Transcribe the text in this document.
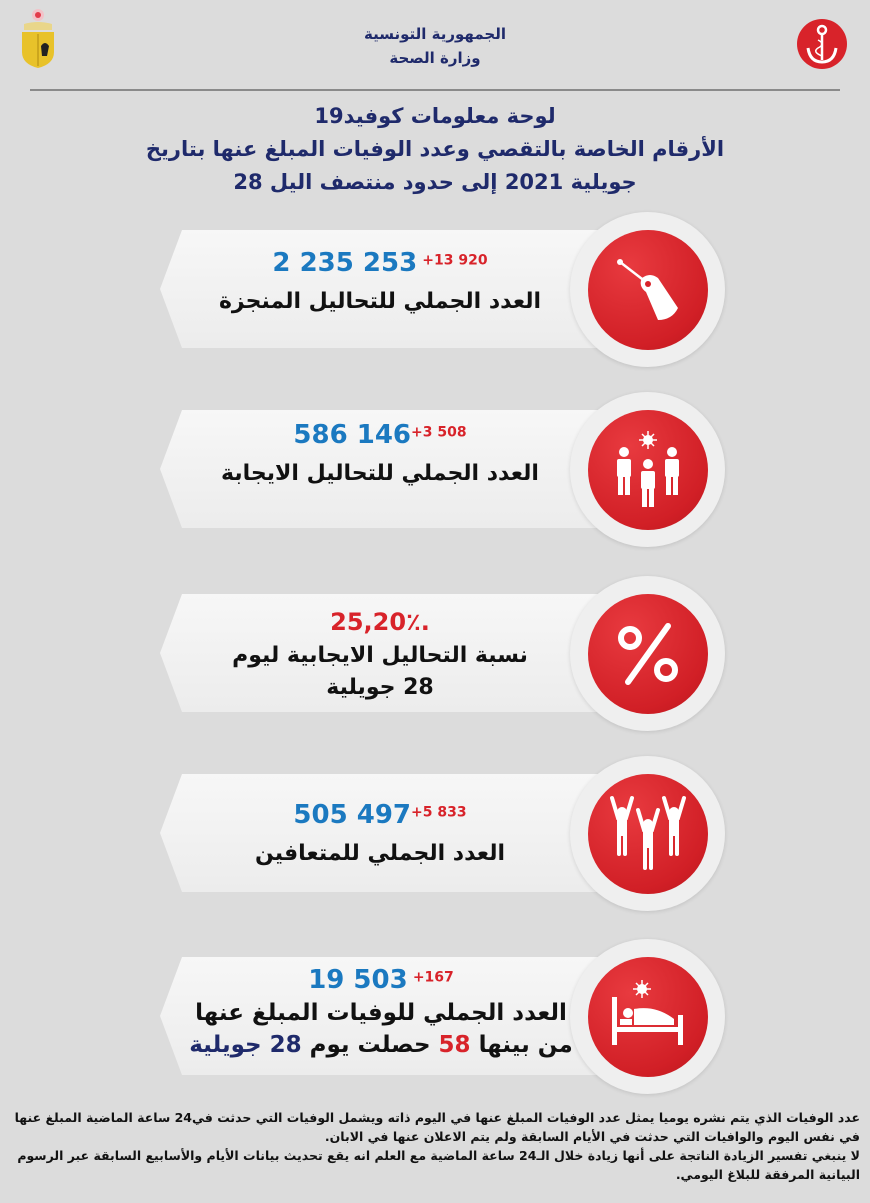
الجمهورية التونسية
وزارة الصحة
لوحة معلومات كوفيد19
الأرقام الخاصة بالتقصي وعدد الوفيات المبلغ عنها بتاريخ
28 جويلية 2021 إلى حدود منتصف اليل
2 235 253 +13 920
العدد الجملي للتحاليل المنجزة
586 146+3 508
العدد الجملي للتحاليل الايجابة
25,20٪.
نسبة التحاليل الايجابية ليوم
28 جويلية
505 497+5 833
العدد الجملي للمتعافين
19 503 +167
العدد الجملي للوفيات المبلغ عنها
من بينها 58 حصلت يوم 28 جويلية
عدد الوفيات الذي يتم نشره يوميا يمثل عدد الوفيات المبلغ عنها في اليوم ذاته ويشمل الوفيات التي حدثت في24 ساعة الماضية المبلغ عنها في نفس اليوم والوافيات التي حدثت في الأيام السابقة ولم يتم الاعلان عنها في الابان.
لا ينبغي تفسير الزيادة الناتجة على أنها زيادة خلال الـ24 ساعة الماضية مع العلم انه يقع تحديث بيانات الأيام والأسابيع السابقة عبر الرسوم البيانية المرفقة للبلاغ اليومي.
